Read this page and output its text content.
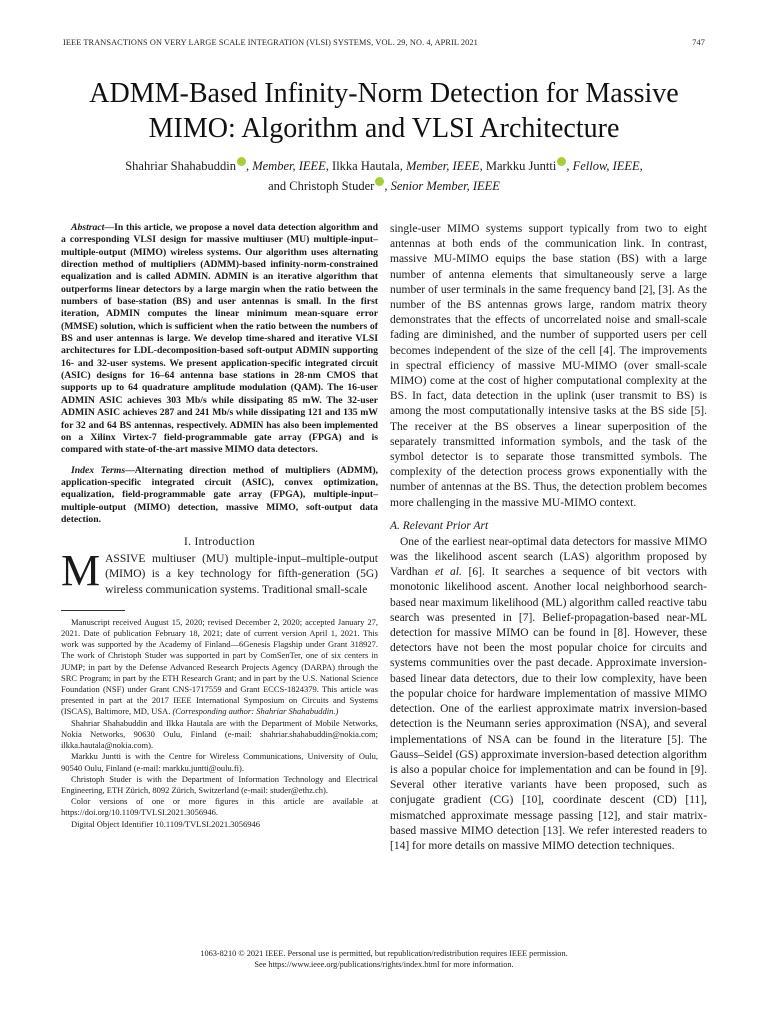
IEEE TRANSACTIONS ON VERY LARGE SCALE INTEGRATION (VLSI) SYSTEMS, VOL. 29, NO. 4, APRIL 2021	747
ADMM-Based Infinity-Norm Detection for Massive
MIMO: Algorithm and VLSI Architecture
Shahriar Shahabuddin , Member, IEEE, Ilkka Hautala, Member, IEEE, Markku Juntti , Fellow, IEEE,
and Christoph Studer , Senior Member, IEEE

Abstract—In this article, we propose a novel data detection algorithm and a corresponding VLSI design for massive multiuser (MU) multiple-input–multiple-output (MIMO) wireless systems. Our algorithm uses alternating direction method of multipliers (ADMM)-based infinity-norm-constrained equalization and is called ADMIN. ADMIN is an iterative algorithm that outperforms linear detectors by a large margin when the ratio between the numbers of base-station (BS) and user antennas is small. In the first iteration, ADMIN computes the linear minimum mean-square error (MMSE) solution, which is sufficient when the ratio between the numbers of BS and user antennas is large. We develop time-shared and iterative VLSI architectures for LDL-decomposition-based soft-output ADMIN supporting 16- and 32-user systems. We present application-specific integrated circuit (ASIC) designs for 16–64 antenna base stations in 28-nm CMOS that supports up to 64 quadrature amplitude modulation (QAM). The 16-user ADMIN ASIC achieves 303 Mb/s while dissipating 85 mW. The 32-user ADMIN ASIC achieves 287 and 241 Mb/s while dissipating 121 and 135 mW for 32 and 64 BS antennas, respectively. ADMIN has also been implemented on a Xilinx Virtex-7 field-programmable gate array (FPGA) and is compared with state-of-the-art massive MIMO data detectors.

Index Terms—Alternating direction method of multipliers (ADMM), application-specific integrated circuit (ASIC), convex optimization, equalization, field-programmable gate array (FPGA), multiple-input–multiple-output (MIMO) detection, massive MIMO, soft-output data detection.

I. Introduction

MASSIVE multiuser (MU) multiple-input–multiple-output (MIMO) is a key technology for fifth-generation (5G) wireless communication systems. Traditional small-scale

Manuscript received August 15, 2020; revised December 2, 2020; accepted January 27, 2021. Date of publication February 18, 2021; date of current version April 1, 2021. This work was supported by the Academy of Finland—6Genesis Flagship under Grant 318927. The work of Christoph Studer was supported in part by ComSenTer, one of six centers in JUMP; in part by the Defense Advanced Research Projects Agency (DARPA) through the SRC Program; in part by the ETH Research Grant; and in part by the U.S. National Science Foundation (NSF) under Grant CNS-1717559 and Grant ECCS-1824379. This article was presented in part at the 2017 IEEE International Symposium on Circuits and Systems (ISCAS), Baltimore, MD, USA. (Corresponding author: Shahriar Shahabuddin.)

Shahriar Shahabuddin and Ilkka Hautala are with the Department of Mobile Networks, Nokia Networks, 90630 Oulu, Finland (e-mail: shahriar.shahabuddin@nokia.com; ilkka.hautala@nokia.com).

Markku Juntti is with the Centre for Wireless Communications, University of Oulu, 90540 Oulu, Finland (e-mail: markku.juntti@oulu.fi).

Christoph Studer is with the Department of Information Technology and Electrical Engineering, ETH Zürich, 8092 Zürich, Switzerland (e-mail: studer@ethz.ch).

Color versions of one or more figures in this article are available at https://doi.org/10.1109/TVLSI.2021.3056946.

Digital Object Identifier 10.1109/TVLSI.2021.3056946

single-user MIMO systems support typically from two to eight antennas at both ends of the communication link. In contrast, massive MU-MIMO equips the base station (BS) with a large number of antenna elements that simultaneously serve a large number of user terminals in the same frequency band [2], [3]. As the number of the BS antennas grows large, random matrix theory demonstrates that the effects of uncorrelated noise and small-scale fading are diminished, and the number of supported users per cell becomes independent of the size of the cell [4]. The improvements in spectral efficiency of massive MU-MIMO (over small-scale MIMO) come at the cost of higher computational complexity at the BS. In fact, data detection in the uplink (user transmit to BS) is among the most computationally intensive tasks at the BS side [5]. The receiver at the BS observes a linear superposition of the separately transmitted information symbols, and the task of the symbol detector is to separate those transmitted symbols. The complexity of the detection process grows exponentially with the number of antennas at the BS. Thus, the detection problem becomes more challenging in the massive MU-MIMO context.

A. Relevant Prior Art

One of the earliest near-optimal data detectors for massive MIMO was the likelihood ascent search (LAS) algorithm proposed by Vardhan et al. [6]. It searches a sequence of bit vectors with monotonic likelihood ascent. Another local neighborhood search-based near maximum likelihood (ML) algorithm called reactive tabu search was presented in [7]. Belief-propagation-based near-ML detection for massive MIMO can be found in [8]. However, these detectors have not been the most popular choice for circuits and systems communities over the past decade. Approximate inversion-based linear data detectors, due to their low complexity, have been the popular choice for hardware implementation of massive MIMO detection. One of the earliest approximate matrix inversion-based detection is the Neumann series approximation (NSA), and several implementations of NSA can be found in the literature [5]. The Gauss–Seidel (GS) approximate inversion-based detection algorithm is also a popular choice for implementation and can be found in [9]. Several other iterative variants have been proposed, such as conjugate gradient (CG) [10], coordinate descent (CD) [11], mismatched approximate message passing [12], and stair matrix-based massive MIMO detection [13]. We refer interested readers to [14] for more details on massive MIMO detection techniques.

1063-8210 © 2021 IEEE. Personal use is permitted, but republication/redistribution requires IEEE permission.
See https://www.ieee.org/publications/rights/index.html for more information.
